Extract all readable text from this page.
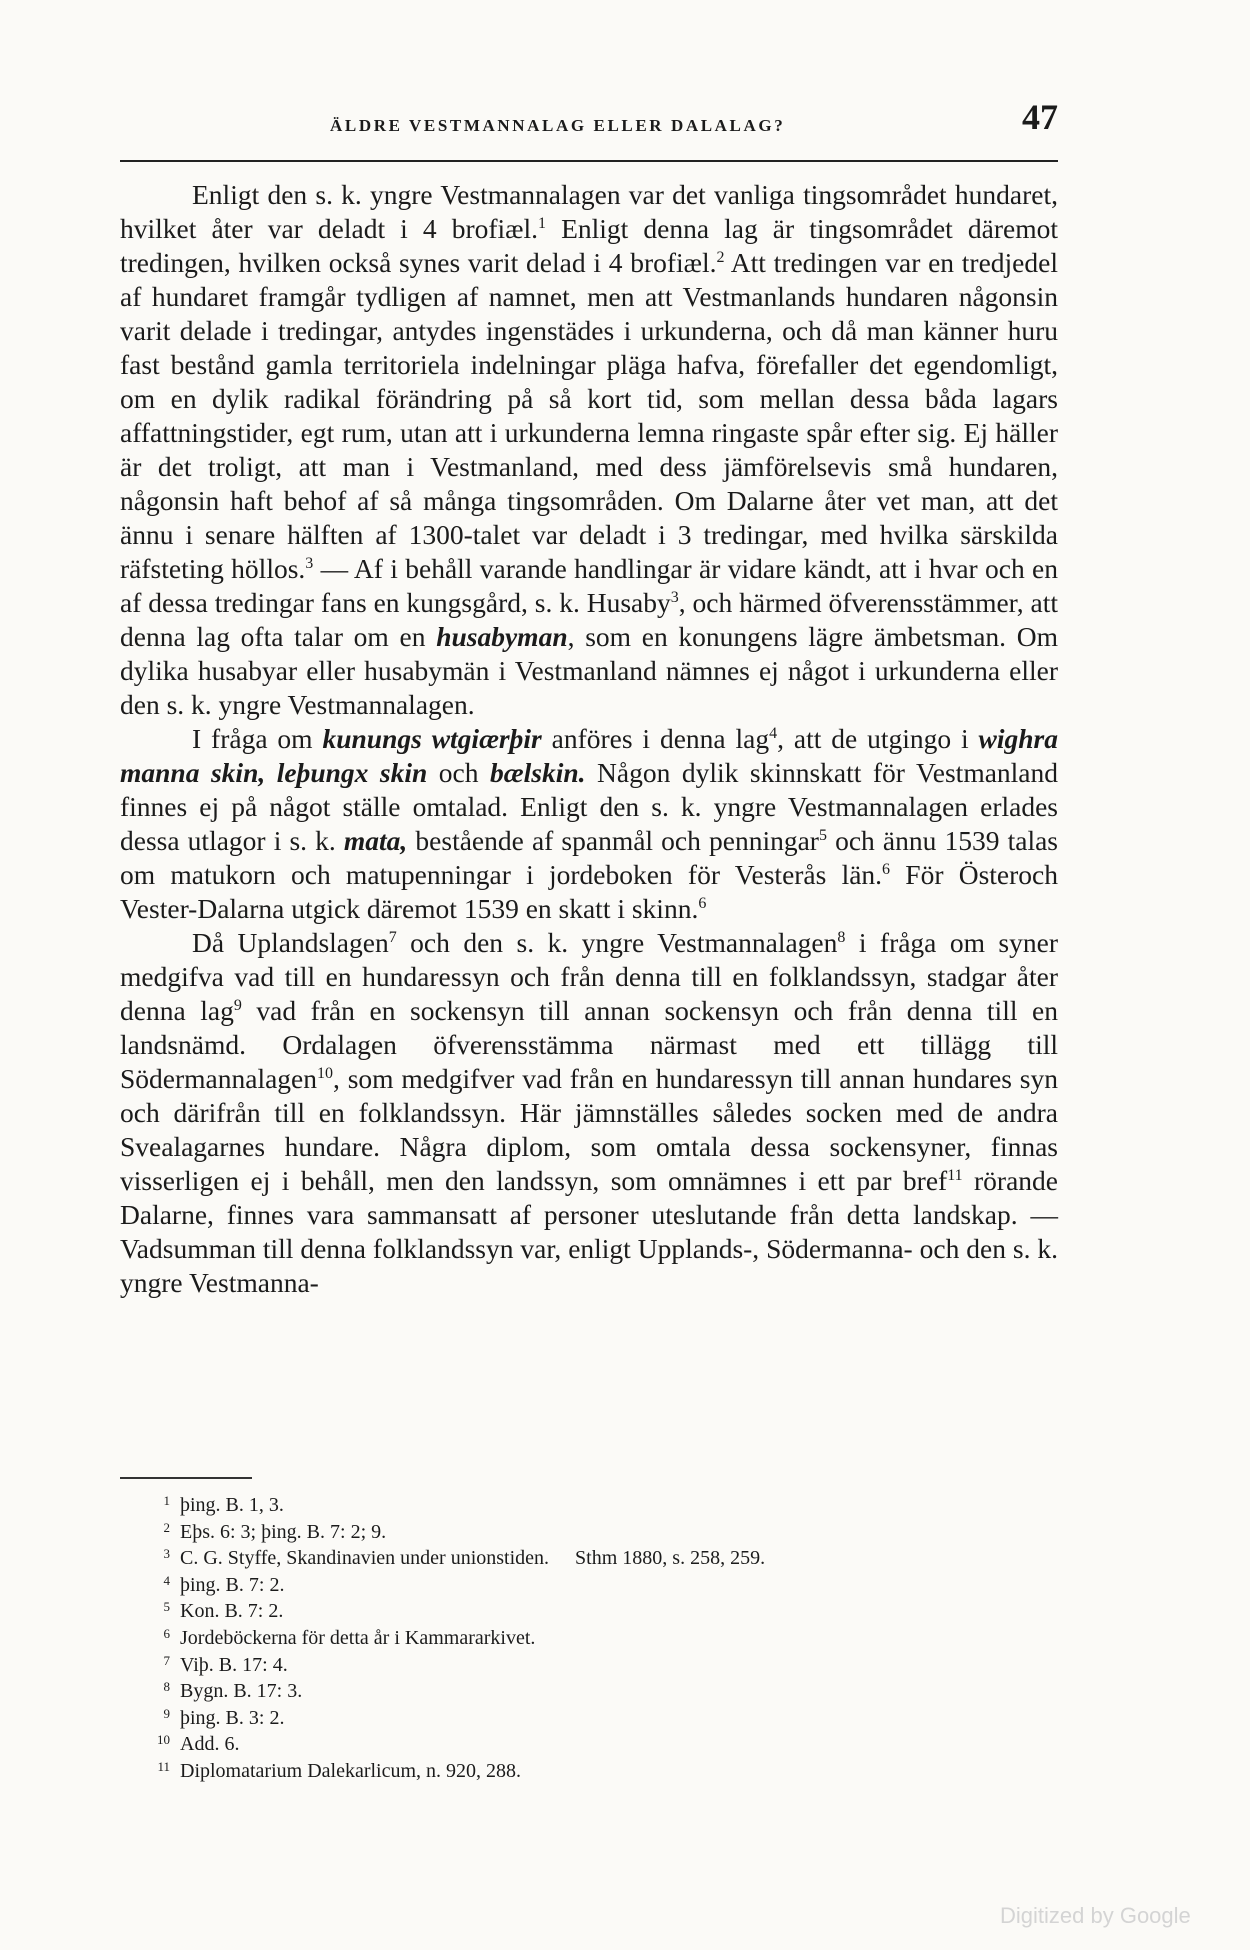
ÄLDRE VESTMANNALAG ELLER DALALAG?	47

Enligt den s. k. yngre Vestmannalagen var det vanliga tingsområdet hundaret, hvilket åter var deladt i 4 brofiæl.$^1$ Enligt denna lag är tingsområdet däremot tredingen, hvilken också synes varit delad i 4 brofiæl.$^2$ Att tredingen var en tredjedel af hundaret framgår tydligen af namnet, men att Vestmanlands hundaren någonsin varit delade i tredingar, antydes ingenstädes i urkunderna, och då man känner huru fast bestånd gamla territoriela indelningar pläga hafva, förefaller det egendomligt, om en dylik radikal förändring på så kort tid, som mellan dessa båda lagars affattningstider, egt rum, utan att i urkunderna lemna ringaste spår efter sig. Ej häller är det troligt, att man i Vestmanland, med dess jämförelsevis små hundaren, någonsin haft behof af så många tingsområden. Om Dalarne åter vet man, att det ännu i senare hälften af 1300-talet var deladt i 3 tredingar, med hvilka särskilda räfsteting höllos.$^3$ — Af i behåll varande handlingar är vidare kändt, att i hvar och en af dessa tredingar fans en kungsgård, s. k. Husaby$^3$, och härmed öfverensstämmer, att denna lag ofta talar om en husabyman, som en konungens lägre ämbetsman. Om dylika husabyar eller husabymän i Vestmanland nämnes ej något i urkunderna eller den s. k. yngre Vestmannalagen.

I fråga om kunungs wtgiærþir anföres i denna lag$^4$, att de utgingo i wighra manna skin, leþungx skin och bælskin. Någon dylik skinnskatt för Vestmanland finnes ej på något ställe omtalad. Enligt den s. k. yngre Vestmannalagen erlades dessa utlagor i s. k. mata, bestående af spanmål och penningar$^5$ och ännu 1539 talas om matukorn och matupenningar i jordeboken för Vesterås län.$^6$ För Österoch Vester-Dalarna utgick däremot 1539 en skatt i skinn.$^6$

Då Uplandslagen$^7$ och den s. k. yngre Vestmannalagen$^8$ i fråga om syner medgifva vad till en hundaressyn och från denna till en folklandssyn, stadgar åter denna lag$^9$ vad från en sockensyn till annan sockensyn och från denna till en landsnämd. Ordalagen öfverensstämma närmast med ett tillägg till Södermannalagen$^{10}$, som medgifver vad från en hundaressyn till annan hundares syn och därifrån till en folklandssyn. Här jämnställes således socken med de andra Svealagarnes hundare. Några diplom, som omtala dessa sockensyner, finnas visserligen ej i behåll, men den landssyn, som omnämnes i ett par bref$^{11}$ rörande Dalarne, finnes vara sammansatt af personer uteslutande från detta landskap. — Vadsumman till denna folklandssyn var, enligt Upplands-, Södermanna- och den s. k. yngre Vestmanna-

1 þing. B. 1, 3.
2 Eþs. 6: 3; þing. B. 7: 2; 9.
3 C. G. Styffe, Skandinavien under unionstiden. Sthm 1880, s. 258, 259.
4 þing. B. 7: 2.
5 Kon. B. 7: 2.
6 Jordeböckerna för detta år i Kammararkivet.
7 Viþ. B. 17: 4.
8 Bygn. B. 17: 3.
9 þing. B. 3: 2.
10 Add. 6.
11 Diplomatarium Dalekarlicum, n. 920, 288.
Digitized by Google
